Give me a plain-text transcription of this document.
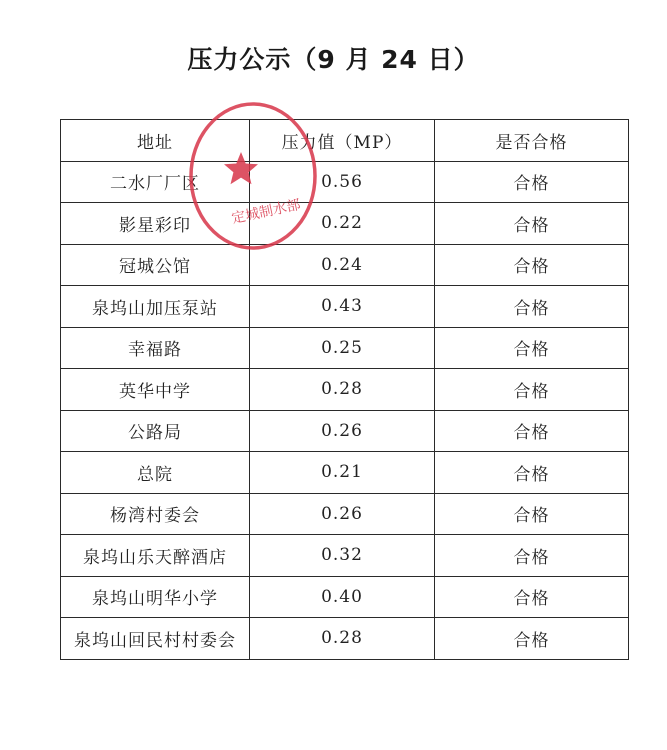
压力公示（9 月 24 日）
地址	压力值（MP）	是否合格
二水厂厂区	0.56	合格
影星彩印	0.22	合格
冠城公馆	0.24	合格
泉坞山加压泵站	0.43	合格
幸福路	0.25	合格
英华中学	0.28	合格
公路局	0.26	合格
总院	0.21	合格
杨湾村委会	0.26	合格
泉坞山乐天醉酒店	0.32	合格
泉坞山明华小学	0.40	合格
泉坞山回民村村委会	0.28	合格
定城制水部
